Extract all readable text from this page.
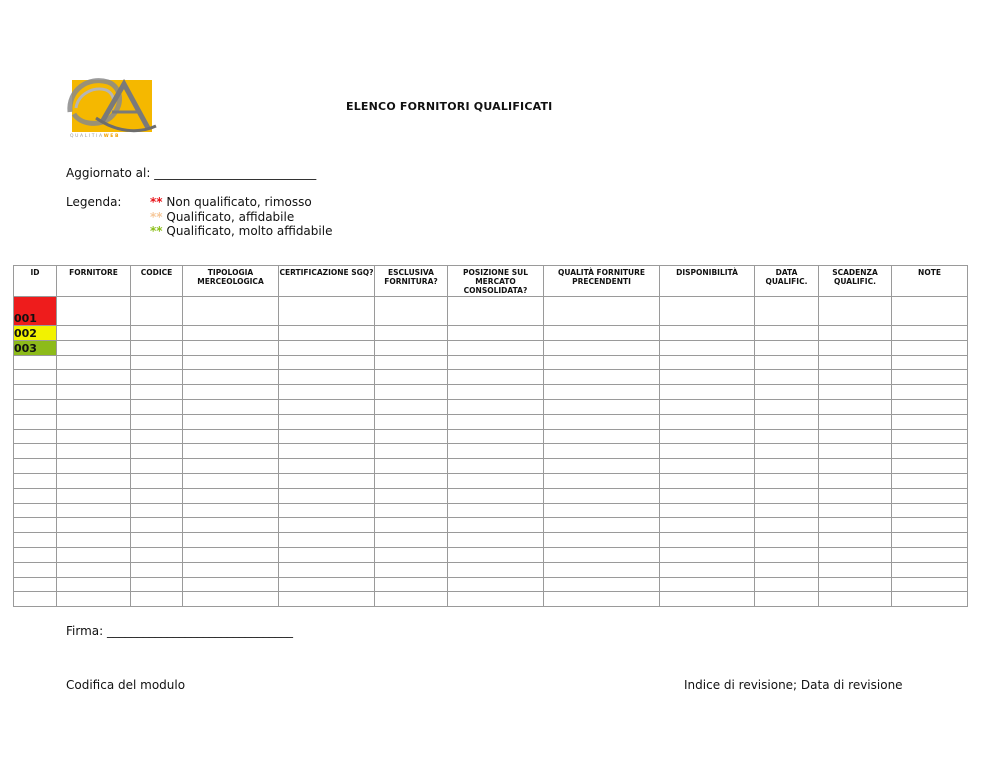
QUALITIAWEB
ELENCO FORNITORI QUALIFICATI
Aggiornato al: ___________________________
Legenda: ** Non qualificato, rimosso
** Qualificato, affidabile
** Qualificato, molto affidabile
ID	FORNITORE	CODICE	TIPOLOGIA MERCEOLOGICA	CERTIFICAZIONE SGQ?	ESCLUSIVA FORNITURA?	POSIZIONE SUL MERCATO CONSOLIDATA?	QUALITÀ FORNITURE PRECENDENTI	DISPONIBILITÀ	DATA QUALIFIC.	SCADENZA QUALIFIC.	NOTE
001											
002											
003											

Firma: _______________________________
Codifica del modulo	Indice di revisione; Data di revisione
